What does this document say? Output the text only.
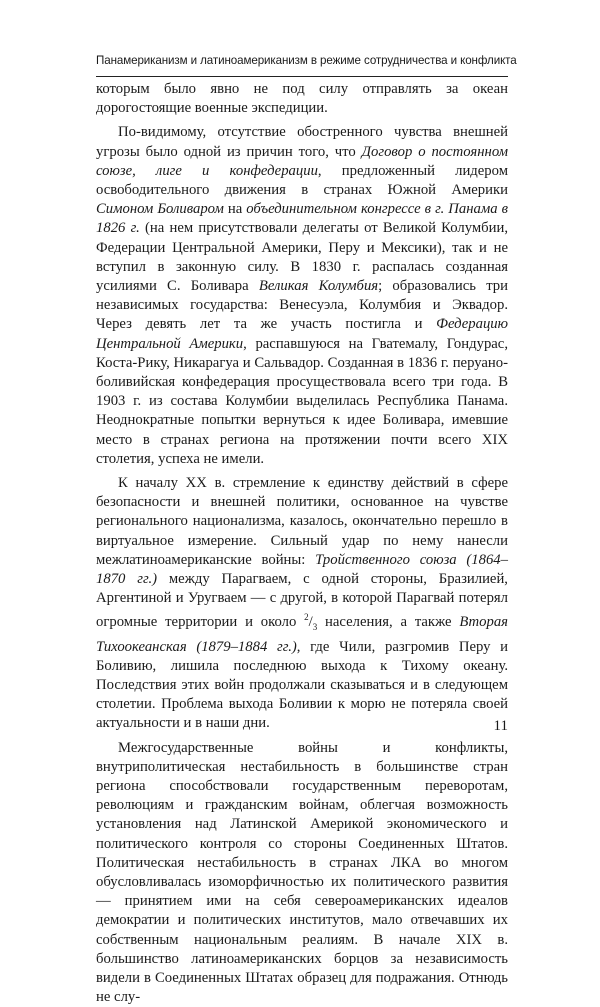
Панамериканизм и латиноамериканизм в режиме сотрудничества и конфликта

которым было явно не под силу отправлять за океан дорогостоящие военные экспедиции.

По-видимому, отсутствие обостренного чувства внешней угрозы было одной из причин того, что Договор о постоянном союзе, лиге и конфедерации, предложенный лидером освободительного движения в странах Южной Америки Симоном Боливаром на объединительном конгрессе в г. Панама в 1826 г. (на нем присутствовали делегаты от Великой Колумбии, Федерации Центральной Америки, Перу и Мексики), так и не вступил в законную силу. В 1830 г. распалась созданная усилиями С. Боливара Великая Колумбия; образовались три независимых государства: Венесуэла, Колумбия и Эквадор. Через девять лет та же участь постигла и Федерацию Центральной Америки, распавшуюся на Гватемалу, Гондурас, Коста-Рику, Никарагуа и Сальвадор. Созданная в 1836 г. перуано-боливийская конфедерация просуществовала всего три года. В 1903 г. из состава Колумбии выделилась Республика Панама. Неоднократные попытки вернуться к идее Боливара, имевшие место в странах региона на протяжении почти всего XIX столетия, успеха не имели.

К началу XX в. стремление к единству действий в сфере безопасности и внешней политики, основанное на чувстве регионального национализма, казалось, окончательно перешло в виртуальное измерение. Сильный удар по нему нанесли межлатиноамериканские войны: Тройственного союза (1864–1870 гг.) между Парагваем, с одной стороны, Бразилией, Аргентиной и Уругваем — с другой, в которой Парагвай потерял огромные территории и около $^2/_3$ населения, а также Вторая Тихоокеанская (1879–1884 гг.), где Чили, разгромив Перу и Боливию, лишила последнюю выхода к Тихому океану. Последствия этих войн продолжали сказываться и в следующем столетии. Проблема выхода Боливии к морю не потеряла своей актуальности и в наши дни.

Межгосударственные войны и конфликты, внутриполитическая нестабильность в большинстве стран региона способствовали государственным переворотам, революциям и гражданским войнам, облегчая возможность установления над Латинской Америкой экономического и политического контроля со стороны Соединенных Штатов. Политическая нестабильность в странах ЛКА во многом обусловливалась изоморфичностью их политического развития — принятием ими на себя североамериканских идеалов демократии и политических институтов, мало отвечавших их собственным национальным реалиям. В начале XIX в. большинство латиноамериканских борцов за независимость видели в Соединенных Штатах образец для подражания. Отнюдь не слу-

11
